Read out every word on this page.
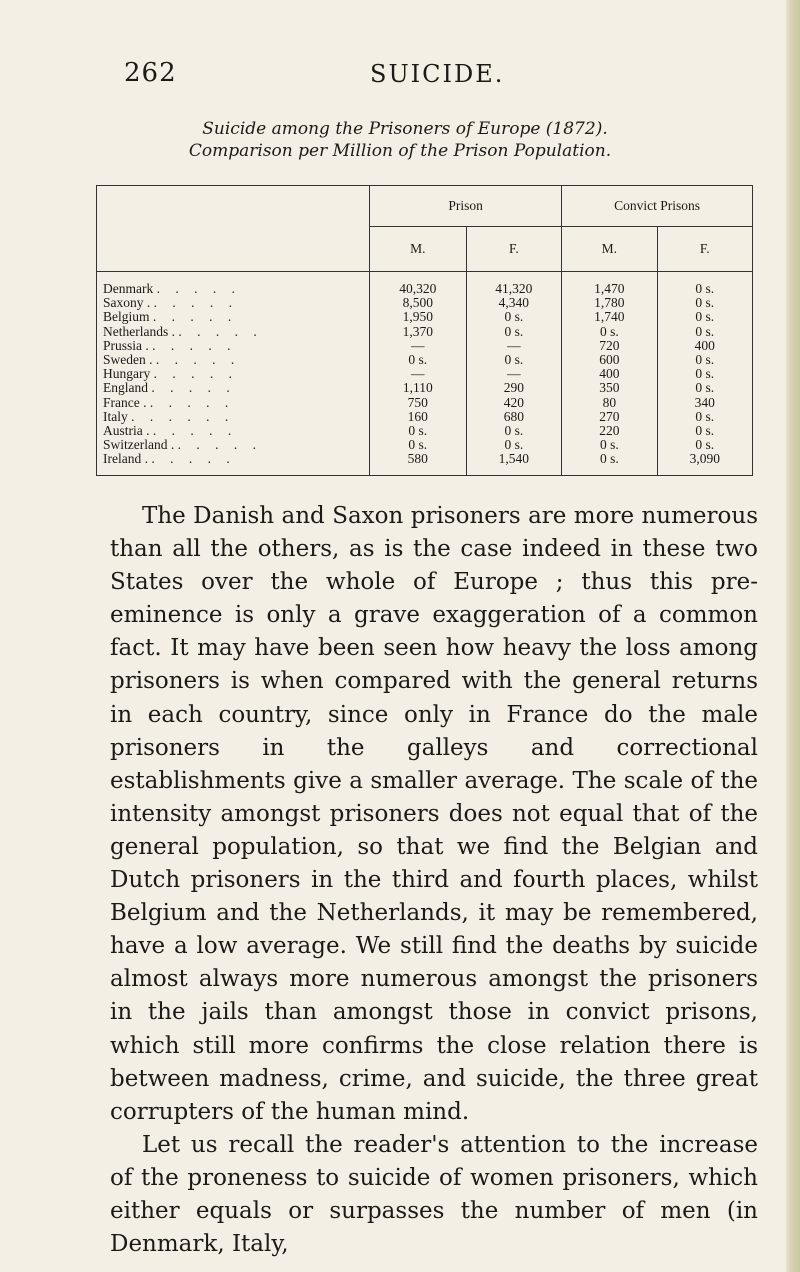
262	SUICIDE.
Suicide among the Prisoners of Europe (1872).
Comparison per Million of the Prison Population.
	Prison		Convict Prisons	
	M.	F.	M.	F.
Denmark . . . . .	40,320	41,320	1,470	0 s.
Saxony . . . . . .	8,500	4,340	1,780	0 s.
Belgium . . . . .	1,950	0 s.	1,740	0 s.
Netherlands . . . . . .	1,370	0 s.	0 s.	0 s.
Prussia . . . . . .	—	—	720	400
Sweden . . . . . .	0 s.	0 s.	600	0 s.
Hungary . . . . .	—	—	400	0 s.
England . . . . .	1,110	290	350	0 s.
France . . . . . .	750	420	80	340
Italy . . . . . .	160	680	270	0 s.
Austria . . . . . .	0 s.	0 s.	220	0 s.
Switzerland . . . . . .	0 s.	0 s.	0 s.	0 s.
Ireland . . . . . .	580	1,540	0 s.	3,090

The Danish and Saxon prisoners are more numerous than all the others, as is the case indeed in these two States over the whole of Europe ; thus this pre-eminence is only a grave exaggeration of a common fact. It may have been seen how heavy the loss among prisoners is when compared with the general returns in each country, since only in France do the male prisoners in the galleys and correctional establishments give a smaller average. The scale of the intensity amongst prisoners does not equal that of the general population, so that we find the Belgian and Dutch prisoners in the third and fourth places, whilst Belgium and the Netherlands, it may be remembered, have a low average. We still find the deaths by suicide almost always more numerous amongst the prisoners in the jails than amongst those in convict prisons, which still more confirms the close relation there is between madness, crime, and suicide, the three great corrupters of the human mind.

Let us recall the reader's attention to the increase of the proneness to suicide of women prisoners, which either equals or surpasses the number of men (in Denmark, Italy,
